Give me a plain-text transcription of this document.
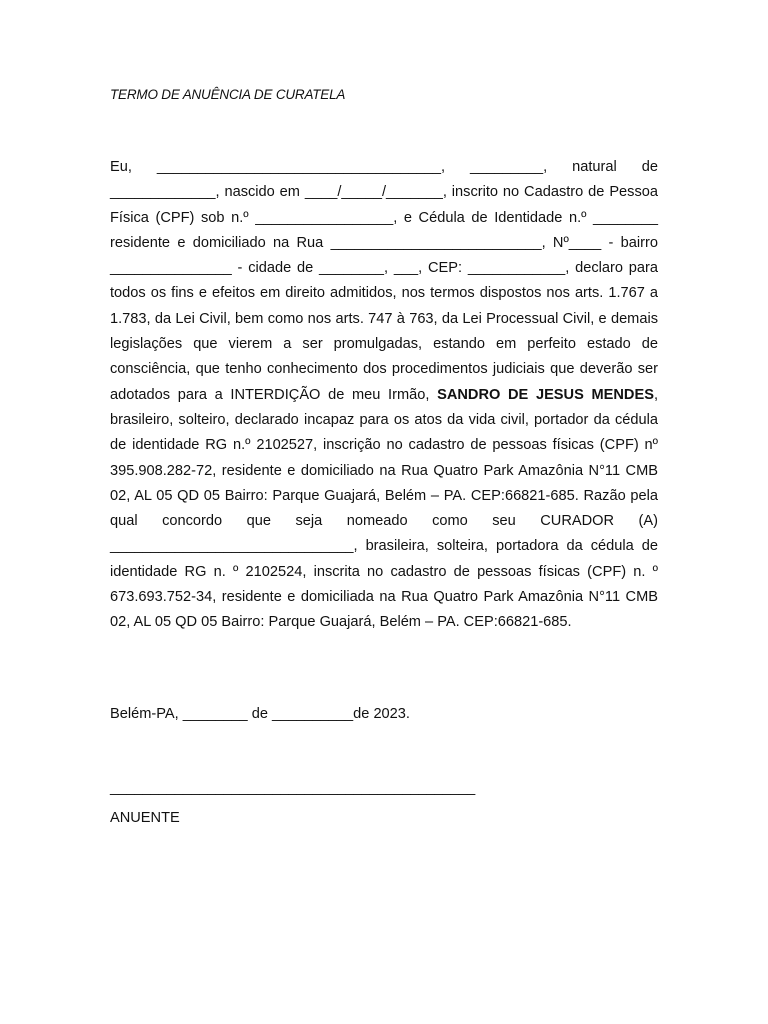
TERMO DE ANUÊNCIA DE CURATELA

Eu, ___________________________________, _________, natural de _____________, nascido em ____/_____/_______, inscrito no Cadastro de Pessoa Física (CPF) sob n.º _________________, e Cédula de Identidade n.º ________ residente e domiciliado na Rua __________________________, Nº____ - bairro _______________ - cidade de ________, ___, CEP: ____________, declaro para todos os fins e efeitos em direito admitidos, nos termos dispostos nos arts. 1.767 a 1.783, da Lei Civil, bem como nos arts. 747 à 763, da Lei Processual Civil, e demais legislações que vierem a ser promulgadas, estando em perfeito estado de consciência, que tenho conhecimento dos procedimentos judiciais que deverão ser adotados para a INTERDIÇÃO de meu Irmão, SANDRO DE JESUS MENDES, brasileiro, solteiro, declarado incapaz para os atos da vida civil, portador da cédula de identidade RG n.º 2102527, inscrição no cadastro de pessoas físicas (CPF) nº 395.908.282-72, residente e domiciliado na Rua Quatro Park Amazônia N°11 CMB 02, AL 05 QD 05 Bairro: Parque Guajará, Belém – PA. CEP:66821-685. Razão pela qual concordo que seja nomeado como seu CURADOR (A) ______________________________, brasileira, solteira, portadora da cédula de identidade RG n. º 2102524, inscrita no cadastro de pessoas físicas (CPF) n. º 673.693.752-34, residente e domiciliada na Rua Quatro Park Amazônia N°11 CMB 02, AL 05 QD 05 Bairro: Parque Guajará, Belém – PA. CEP:66821-685.

Belém-PA, ________ de __________de 2023.

_____________________________________________

ANUENTE
